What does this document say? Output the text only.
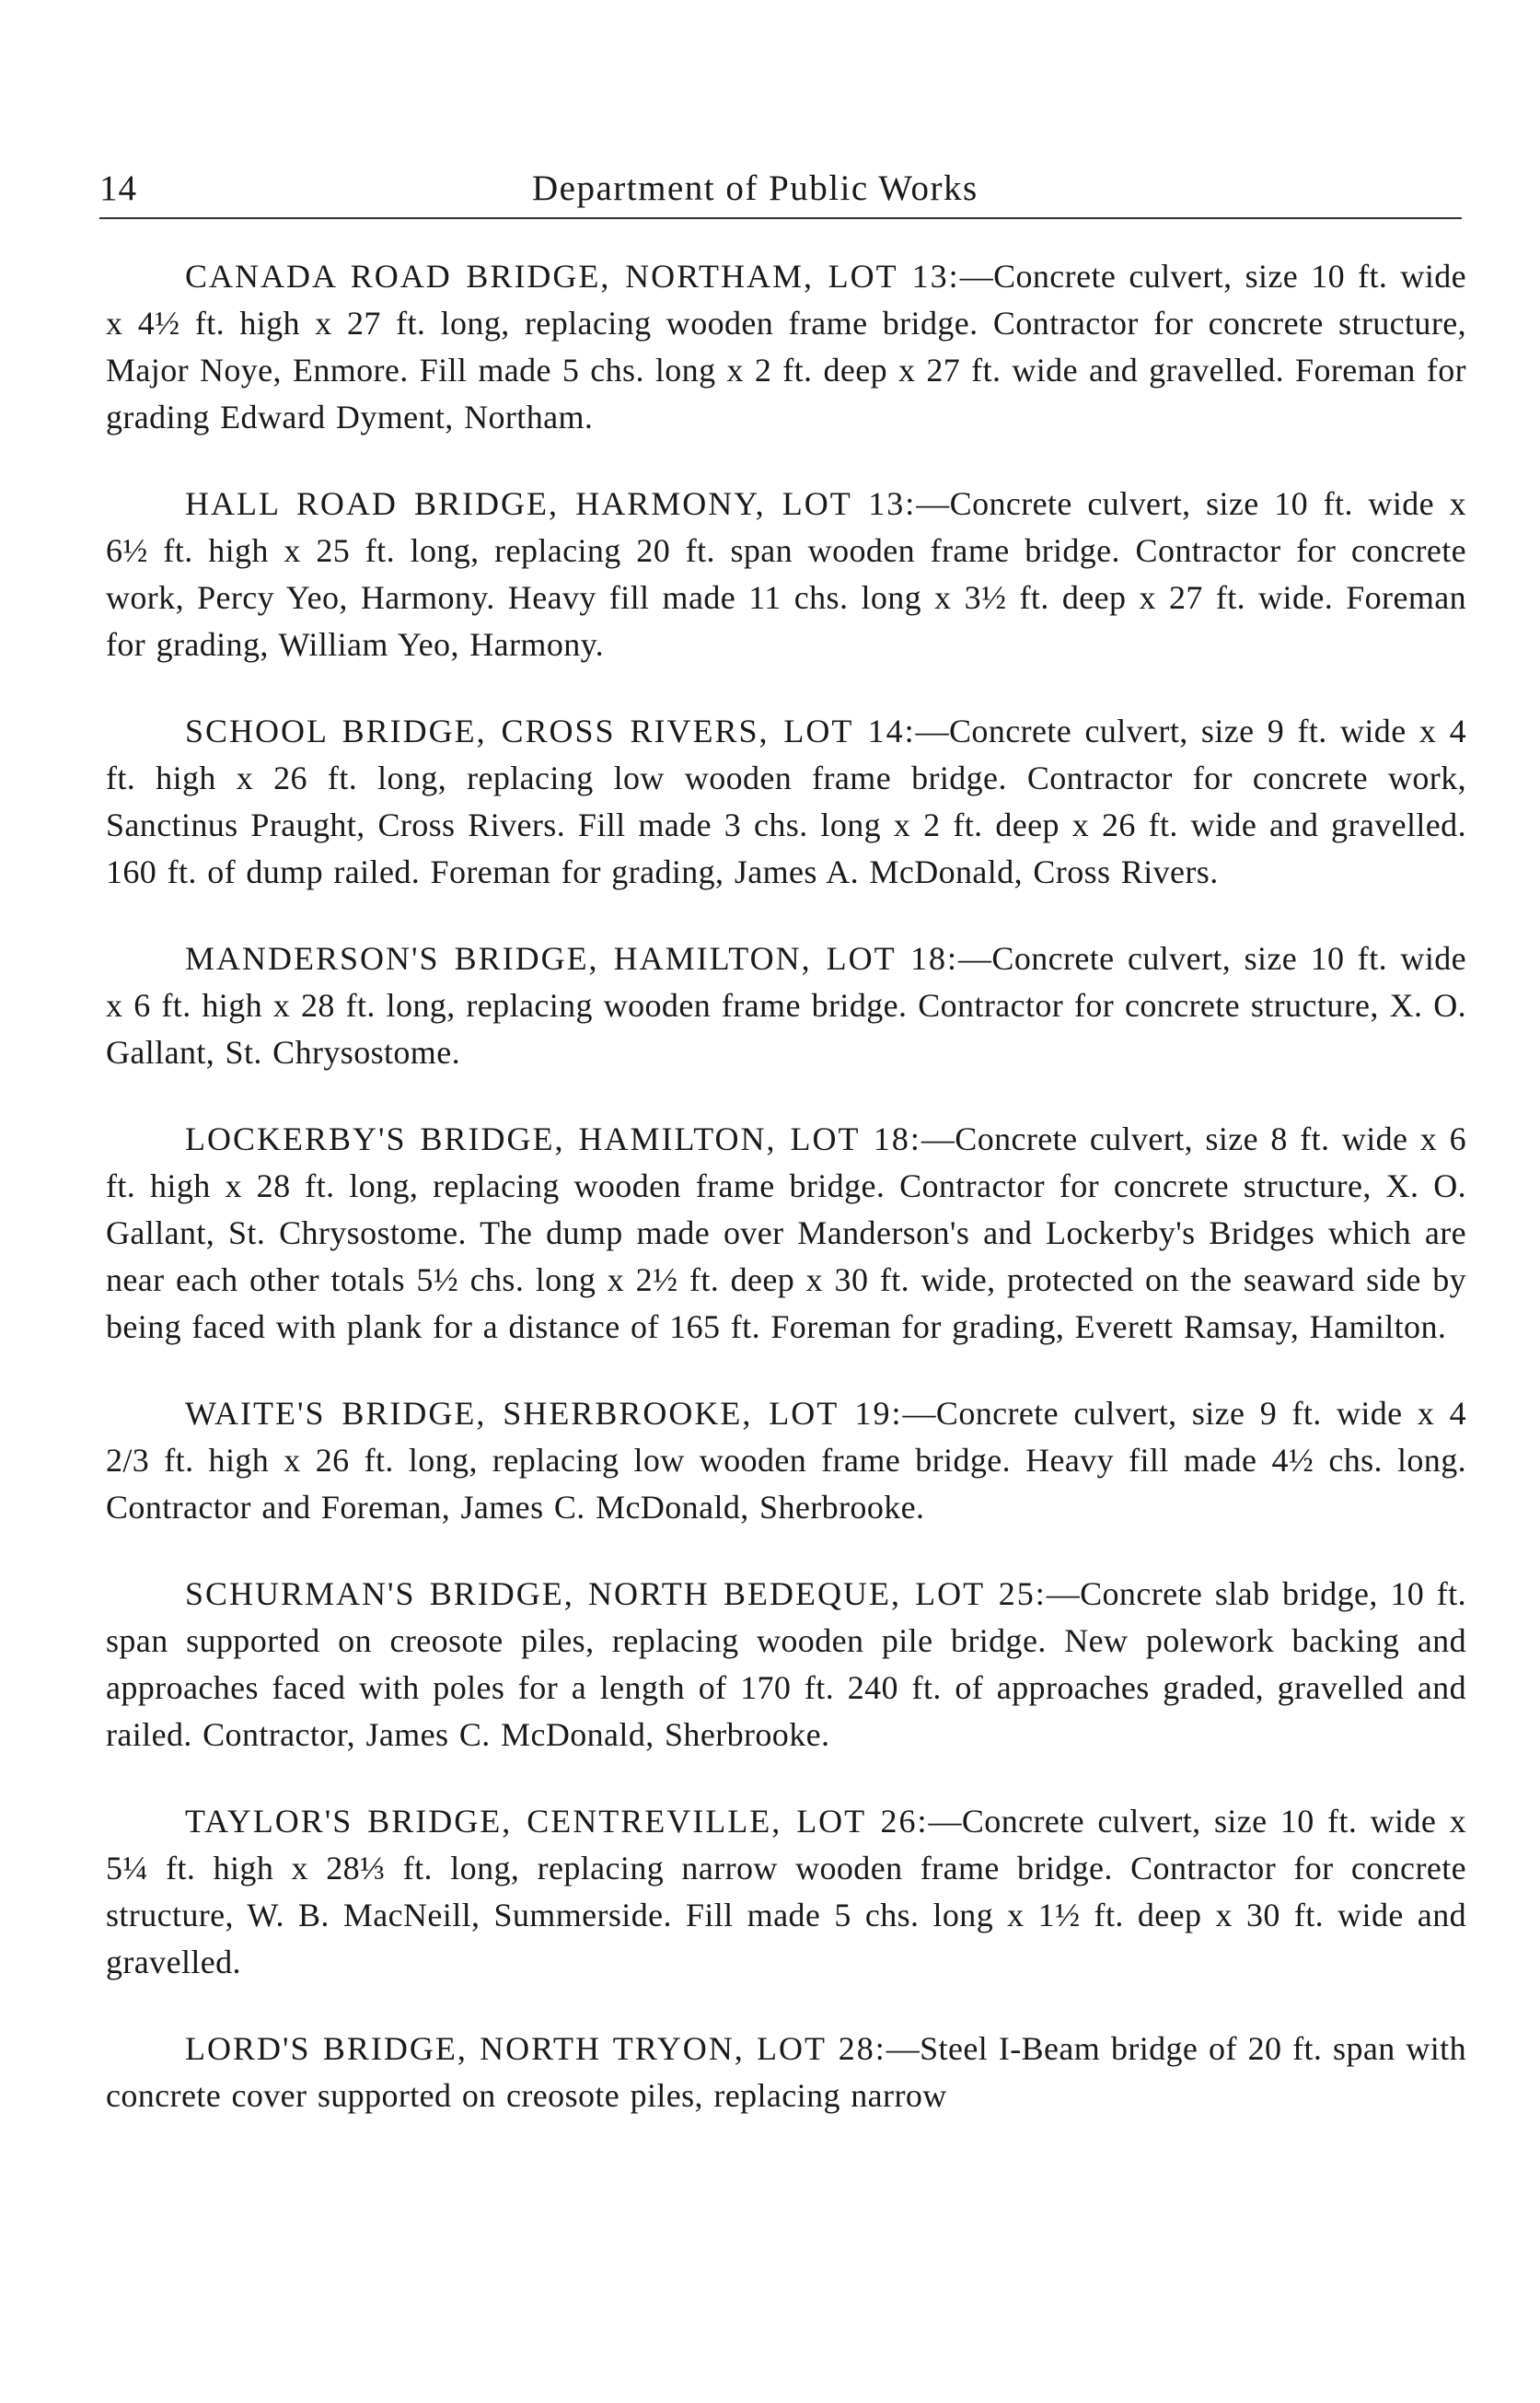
14	Department of Public Works

CANADA ROAD BRIDGE, NORTHAM, LOT 13:—Concrete culvert, size 10 ft. wide x 4½ ft. high x 27 ft. long, replacing wooden frame bridge. Contractor for concrete structure, Major Noye, Enmore. Fill made 5 chs. long x 2 ft. deep x 27 ft. wide and gravelled. Foreman for grading Edward Dyment, Northam.

HALL ROAD BRIDGE, HARMONY, LOT 13:—Concrete culvert, size 10 ft. wide x 6½ ft. high x 25 ft. long, replacing 20 ft. span wooden frame bridge. Contractor for concrete work, Percy Yeo, Harmony. Heavy fill made 11 chs. long x 3½ ft. deep x 27 ft. wide. Foreman for grading, William Yeo, Harmony.

SCHOOL BRIDGE, CROSS RIVERS, LOT 14:—Concrete culvert, size 9 ft. wide x 4 ft. high x 26 ft. long, replacing low wooden frame bridge. Contractor for concrete work, Sanctinus Praught, Cross Rivers. Fill made 3 chs. long x 2 ft. deep x 26 ft. wide and gravelled. 160 ft. of dump railed. Foreman for grading, James A. McDonald, Cross Rivers.

MANDERSON'S BRIDGE, HAMILTON, LOT 18:—Concrete culvert, size 10 ft. wide x 6 ft. high x 28 ft. long, replacing wooden frame bridge. Contractor for concrete structure, X. O. Gallant, St. Chrysostome.

LOCKERBY'S BRIDGE, HAMILTON, LOT 18:—Concrete culvert, size 8 ft. wide x 6 ft. high x 28 ft. long, replacing wooden frame bridge. Contractor for concrete structure, X. O. Gallant, St. Chrysostome. The dump made over Manderson's and Lockerby's Bridges which are near each other totals 5½ chs. long x 2½ ft. deep x 30 ft. wide, protected on the seaward side by being faced with plank for a distance of 165 ft. Foreman for grading, Everett Ramsay, Hamilton.

WAITE'S BRIDGE, SHERBROOKE, LOT 19:—Concrete culvert, size 9 ft. wide x 4 2/3 ft. high x 26 ft. long, replacing low wooden frame bridge. Heavy fill made 4½ chs. long. Contractor and Foreman, James C. McDonald, Sherbrooke.

SCHURMAN'S BRIDGE, NORTH BEDEQUE, LOT 25:—Concrete slab bridge, 10 ft. span supported on creosote piles, replacing wooden pile bridge. New polework backing and approaches faced with poles for a length of 170 ft. 240 ft. of approaches graded, gravelled and railed. Contractor, James C. McDonald, Sherbrooke.

TAYLOR'S BRIDGE, CENTREVILLE, LOT 26:—Concrete culvert, size 10 ft. wide x 5¼ ft. high x 28⅓ ft. long, replacing narrow wooden frame bridge. Contractor for concrete structure, W. B. MacNeill, Summerside. Fill made 5 chs. long x 1½ ft. deep x 30 ft. wide and gravelled.

LORD'S BRIDGE, NORTH TRYON, LOT 28:—Steel I-Beam bridge of 20 ft. span with concrete cover supported on creosote piles, replacing narrow
